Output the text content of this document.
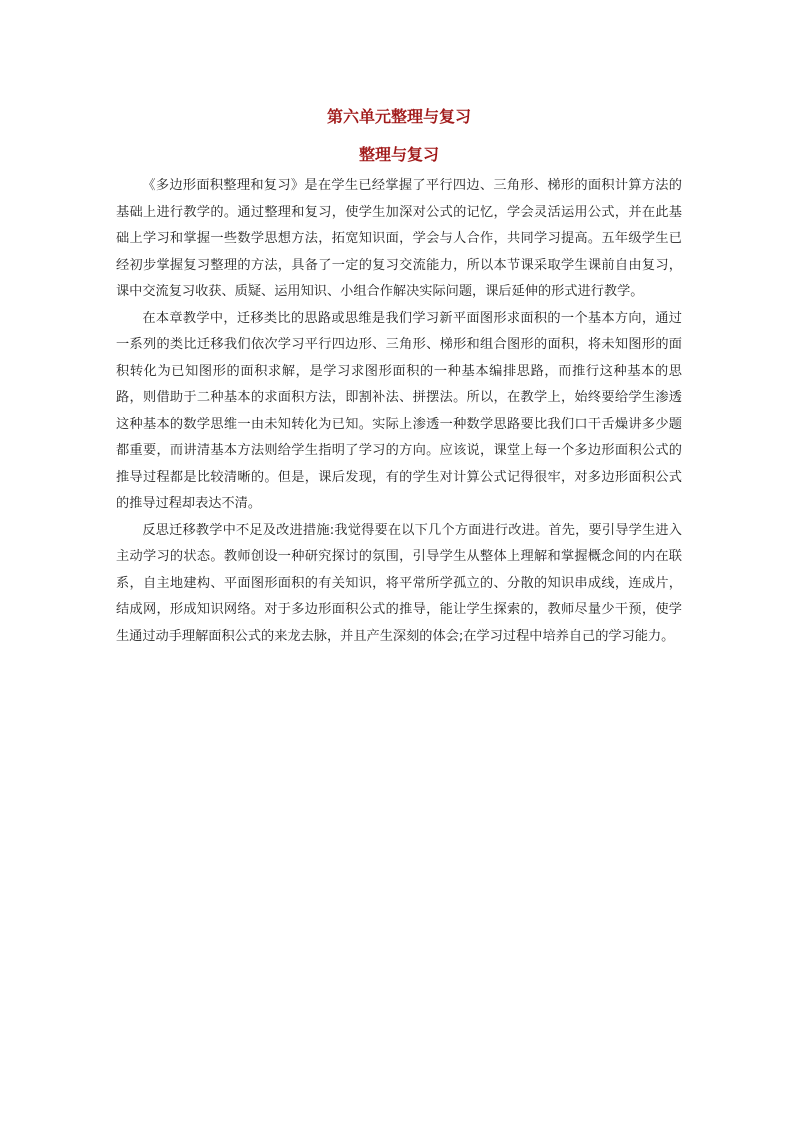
第六单元整理与复习
整理与复习

《多边形面积整理和复习》是在学生已经掌握了平行四边、三角形、梯形的面积计算方法的基础上进行教学的。通过整理和复习，使学生加深对公式的记忆，学会灵活运用公式，并在此基础上学习和掌握一些数学思想方法，拓宽知识面，学会与人合作，共同学习提高。五年级学生已经初步掌握复习整理的方法，具备了一定的复习交流能力，所以本节课采取学生课前自由复习，课中交流复习收获、质疑、运用知识、小组合作解决实际问题，课后延伸的形式进行教学。

在本章教学中，迁移类比的思路或思维是我们学习新平面图形求面积的一个基本方向，通过一系列的类比迁移我们依次学习平行四边形、三角形、梯形和组合图形的面积，将未知图形的面积转化为已知图形的面积求解，是学习求图形面积的一种基本编排思路，而推行这种基本的思路，则借助于二种基本的求面积方法，即割补法、拼摆法。所以，在教学上，始终要给学生渗透这种基本的数学思维一由未知转化为已知。实际上渗透一种数学思路要比我们口干舌燥讲多少题都重要，而讲清基本方法则给学生指明了学习的方向。应该说，课堂上每一个多边形面积公式的推导过程都是比较清晰的。但是，课后发现，有的学生对计算公式记得很牢，对多边形面积公式的推导过程却表达不清。

反思迁移教学中不足及改进措施:我觉得要在以下几个方面进行改进。首先，要引导学生进入主动学习的状态。教师创设一种研究探讨的氛围，引导学生从整体上理解和掌握概念间的内在联系，自主地建构、平面图形面积的有关知识，将平常所学孤立的、分散的知识串成线，连成片，结成网，形成知识网络。对于多边形面积公式的推导，能让学生探索的，教师尽量少干预，使学生通过动手理解面积公式的来龙去脉，并且产生深刻的体会;在学习过程中培养自己的学习能力。
